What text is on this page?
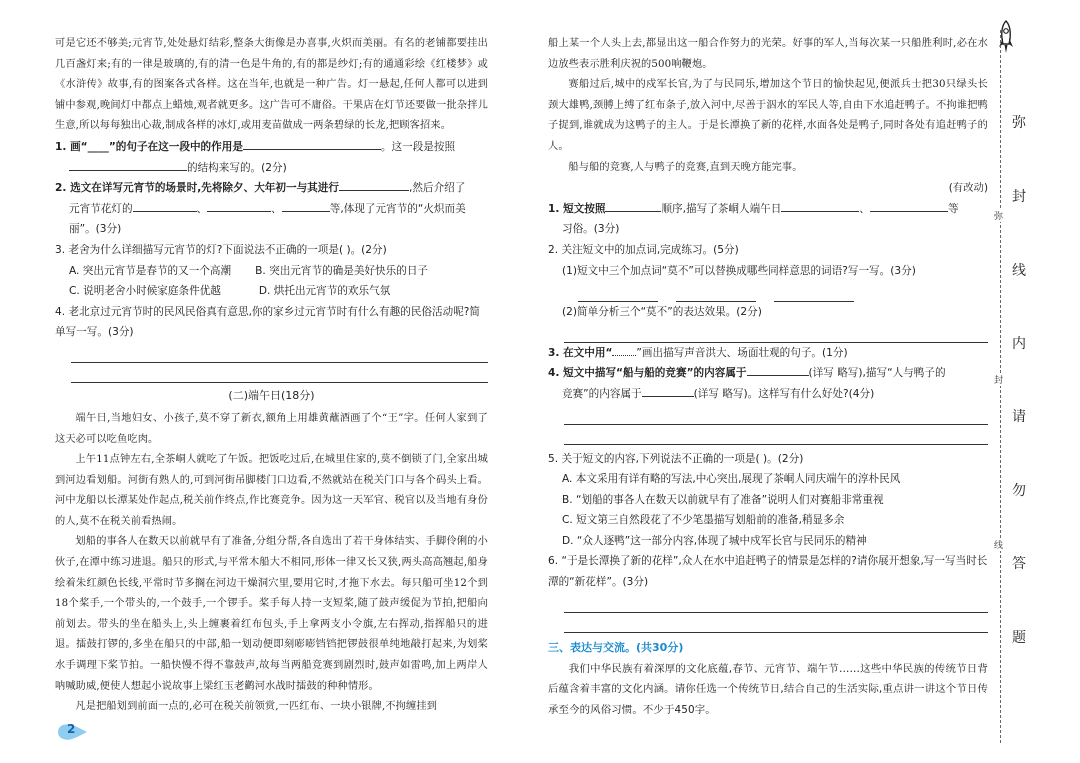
弥
封
线
内
请
勿
答
题
弥
封
线

可是它还不够美;元宵节,处处悬灯结彩,整条大街像是办喜事,火炽而美丽。有名的老铺都要挂出几百盏灯来;有的一律是玻璃的,有的清一色是牛角的,有的都是纱灯;有的通通彩绘《红楼梦》或《水浒传》故事,有的图案各式各样。这在当年,也就是一种广告。灯一悬起,任何人都可以进到铺中参观,晚间灯中都点上蜡烛,观者就更多。这广告可不庸俗。干果店在灯节还要做一批杂拌儿生意,所以每每独出心裁,制成各样的冰灯,或用麦苗做成一两条碧绿的长龙,把顾客招来。

1. 画“____”的句子在这一段中的作用是	。这一段是按照

的结构来写的。(2分)

2. 选文在详写元宵节的场景时,先将除夕、大年初一与其进行	,然后介绍了

元宵节花灯的	、	、	等,体现了元宵节的“火炽而美丽”。(3分)

3. 老舍为什么详细描写元宵节的灯?下面说法不正确的一项是( )。(2分)

A. 突出元宵节是春节的又一个高潮 B. 突出元宵节的确是美好快乐的日子
C. 说明老舍小时候家庭条件优越	D. 烘托出元宵节的欢乐气氛

4. 老北京过元宵节时的民风民俗真有意思,你的家乡过元宵节时有什么有趣的民俗活动呢?简单写一写。(3分)

(二)端午日(18分)

端午日,当地妇女、小孩子,莫不穿了新衣,额角上用雄黄蘸酒画了个“王”字。任何人家到了这天必可以吃鱼吃肉。

上午11点钟左右,全茶峒人就吃了午饭。把饭吃过后,在城里住家的,莫不倒锁了门,全家出城到河边看划船。河街有熟人的,可到河街吊脚楼门口边看,不然就站在税关门口与各个码头上看。河中龙船以长潭某处作起点,税关前作终点,作比赛竞争。因为这一天军官、税官以及当地有身份的人,莫不在税关前看热闹。

划船的事各人在数天以前就早有了准备,分组分帮,各自选出了若干身体结实、手脚伶俐的小伙子,在潭中练习进退。船只的形式,与平常木船大不相同,形体一律又长又狭,两头高高翘起,船身绘着朱红颜色长线,平常时节多搁在河边干燥洞穴里,要用它时,才拖下水去。每只船可坐12个到18个桨手,一个带头的,一个鼓手,一个锣手。桨手每人持一支短桨,随了鼓声缓促为节拍,把船向前划去。带头的坐在船头上,头上缠裹着红布包头,手上拿两支小令旗,左右挥动,指挥船只的进退。擂鼓打锣的,多坐在船只的中部,船一划动便即刻嘭嘭铛铛把锣鼓很单纯地敲打起来,为划桨水手调理下桨节拍。一船快慢不得不靠鼓声,故每当两船竞赛到剧烈时,鼓声如雷鸣,加上两岸人呐喊助威,便使人想起小说故事上梁红玉老鹳河水战时擂鼓的种种情形。

凡是把船划到前面一点的,必可在税关前领赏,一匹红布、一块小银牌,不拘缠挂到

2

船上某一个人头上去,都显出这一船合作努力的光荣。好事的军人,当每次某一只船胜利时,必在水边放些表示胜利庆祝的500响鞭炮。

赛船过后,城中的戍军长官,为了与民同乐,增加这个节日的愉快起见,便派兵士把30只绿头长颈大雄鸭,颈膊上缚了红布条子,放入河中,尽善于泅水的军民人等,自由下水追赶鸭子。不拘谁把鸭子捉到,谁就成为这鸭子的主人。于是长潭换了新的花样,水面各处是鸭子,同时各处有追赶鸭子的人。

船与船的竞赛,人与鸭子的竞赛,直到天晚方能完事。

(有改动)

1. 短文按照	顺序,描写了茶峒人端午日	、	等

习俗。(3分)

2. 关注短文中的加点词,完成练习。(5分)

(1)短文中三个加点词“莫不”可以替换成哪些同样意思的词语?写一写。(3分)

(2)简单分析三个“莫不”的表达效果。(2分)

3. 在文中用“ ”画出描写声音洪大、场面壮观的句子。(1分)

4. 短文中描写“船与船的竞赛”的内容属于	(详写 略写),描写“人与鸭子的

竞赛”的内容属于	(详写 略写)。这样写有什么好处?(4分)

5. 关于短文的内容,下列说法不正确的一项是( )。(2分)

A. 本文采用有详有略的写法,中心突出,展现了茶峒人同庆端午的淳朴民风

B. “划船的事各人在数天以前就早有了准备”说明人们对赛船非常重视

C. 短文第三自然段花了不少笔墨描写划船前的准备,稍显多余

D. “众人逐鸭”这一部分内容,体现了城中戍军长官与民同乐的精神

6. “于是长潭换了新的花样”,众人在水中追赶鸭子的情景是怎样的?请你展开想象,写一写当时长潭的“新花样”。(3分)

三、表达与交流。(共30分)

我们中华民族有着深厚的文化底蕴,春节、元宵节、端午节……这些中华民族的传统节日背后蕴含着丰富的文化内涵。请你任选一个传统节日,结合自己的生活实际,重点讲一讲这个节日传承至今的风俗习惯。不少于450字。
